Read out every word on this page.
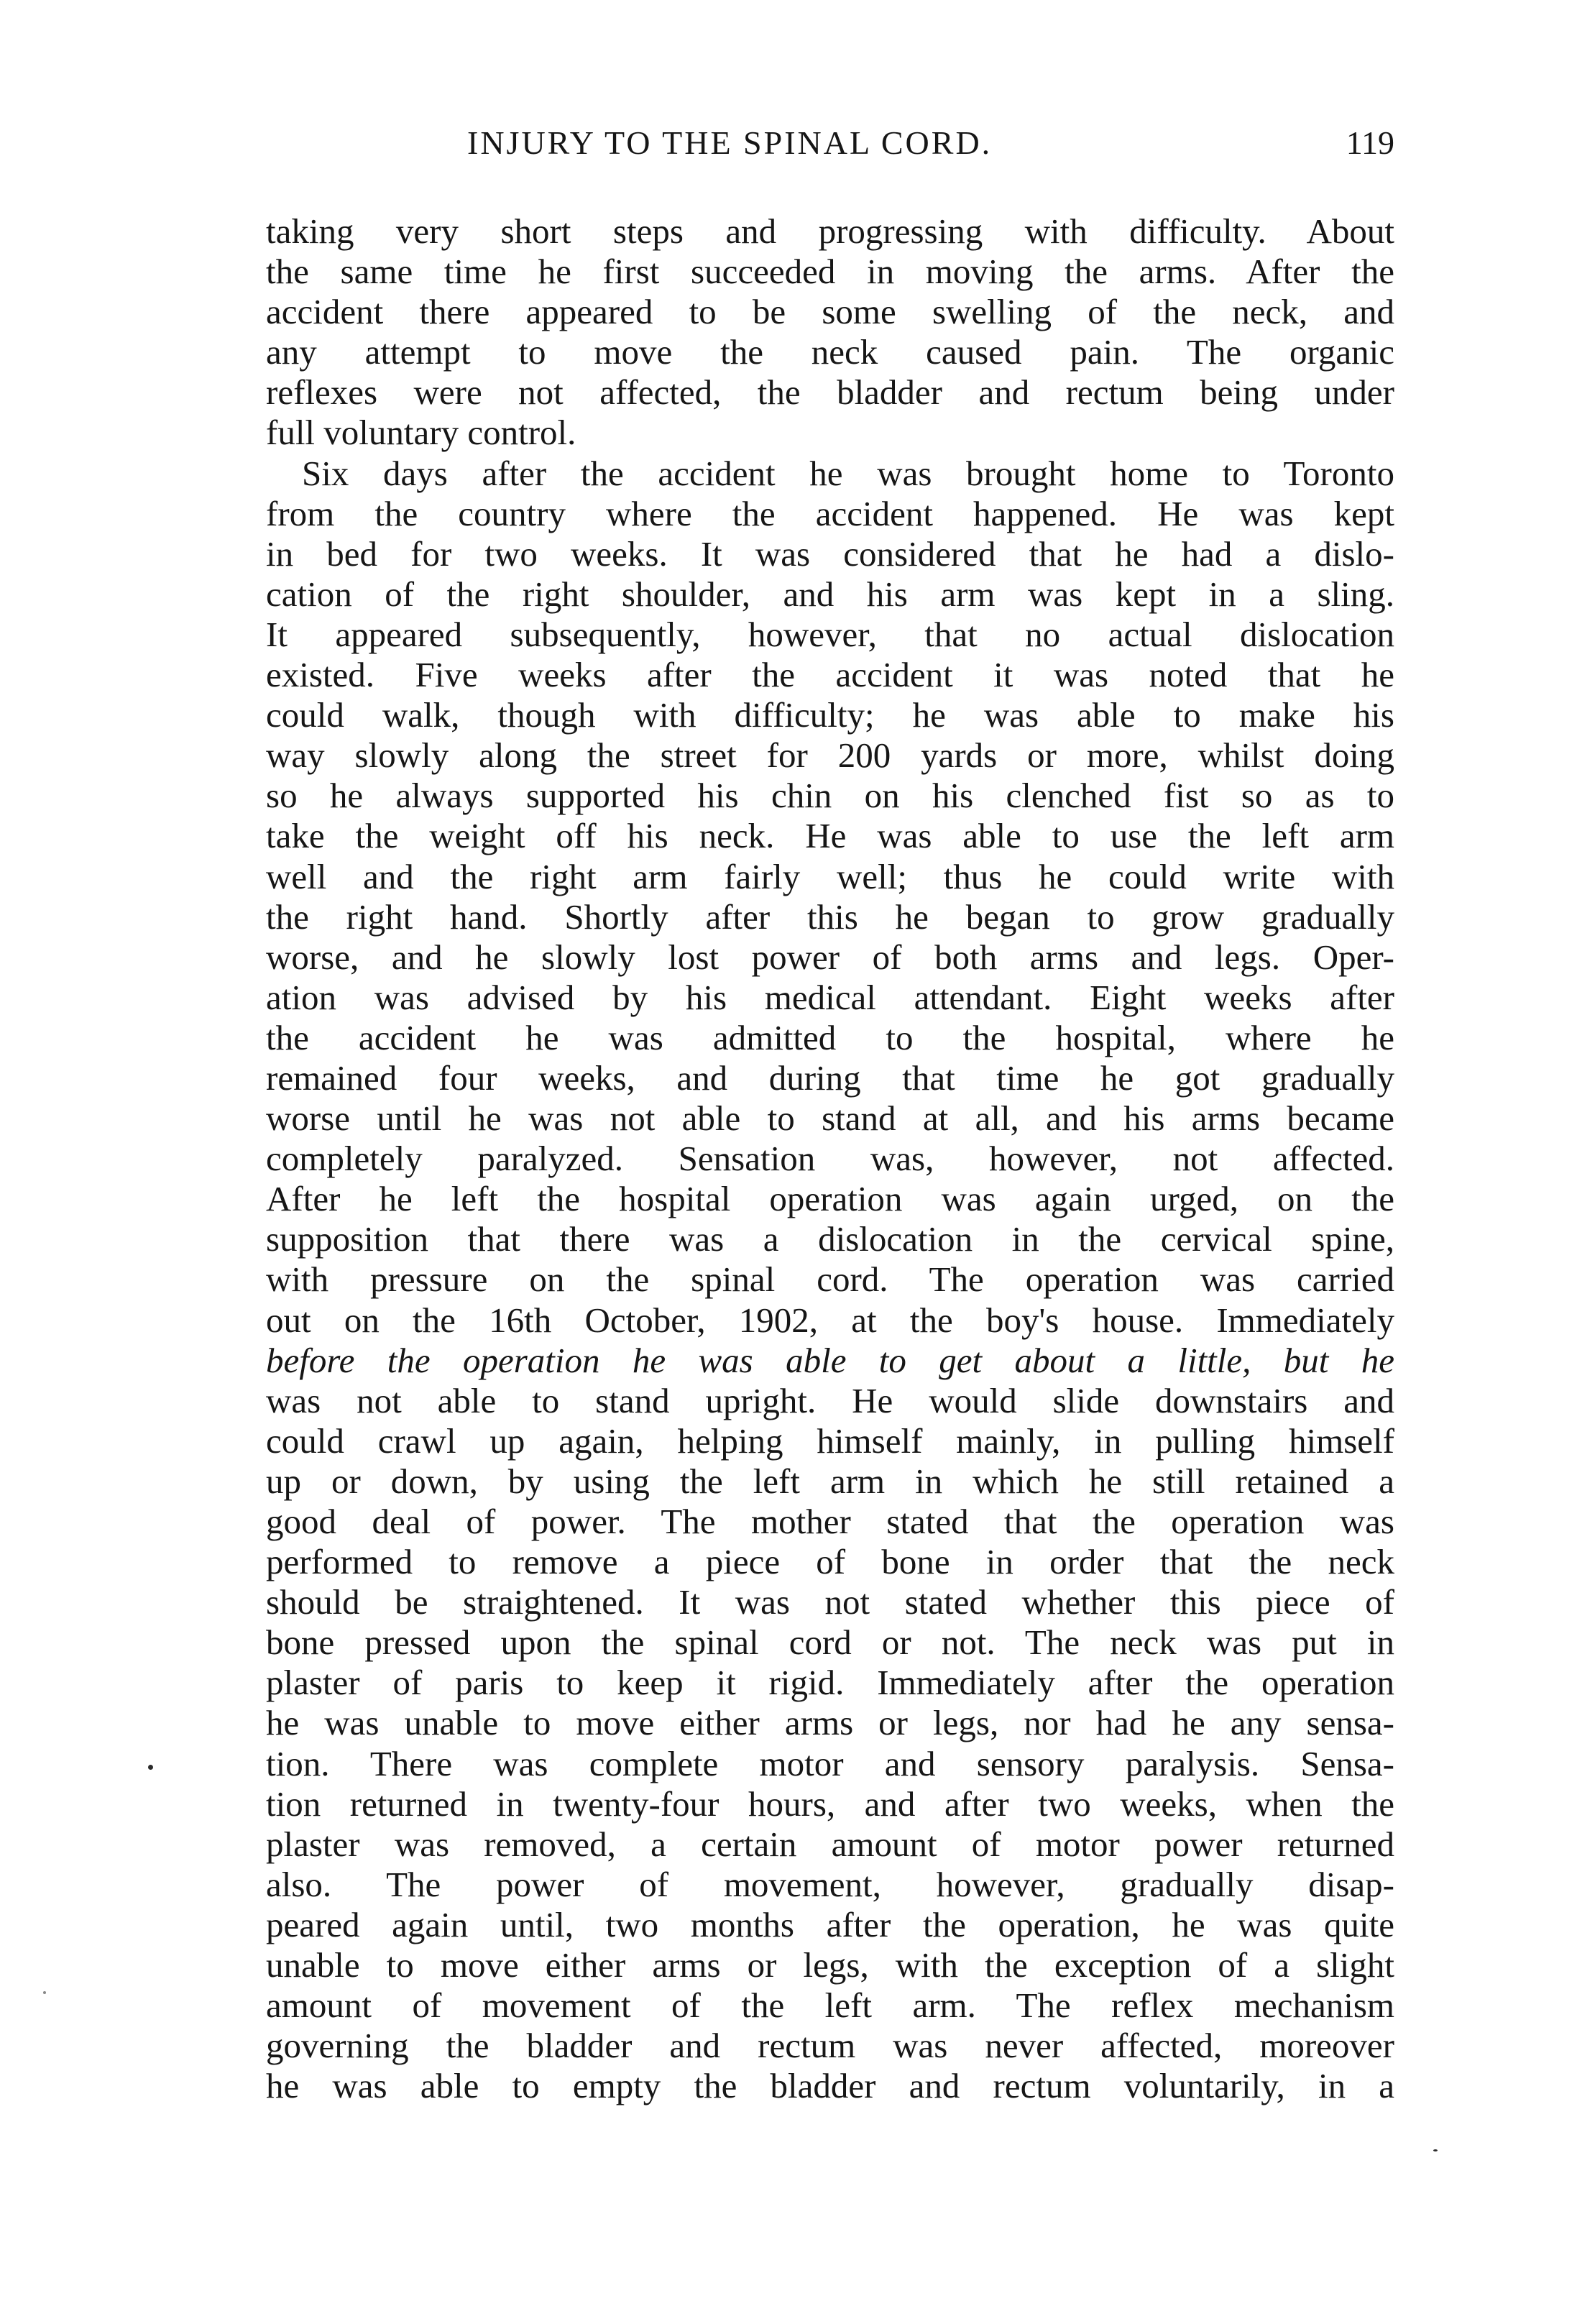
INJURY TO THE SPINAL CORD.	119
taking very short steps and progressing with difficulty. About
the same time he first succeeded in moving the arms. After the
accident there appeared to be some swelling of the neck, and
any attempt to move the neck caused pain. The organic
reflexes were not affected, the bladder and rectum being under
full voluntary control.
Six days after the accident he was brought home to Toronto
from the country where the accident happened. He was kept
in bed for two weeks. It was considered that he had a dislo-
cation of the right shoulder, and his arm was kept in a sling.
It appeared subsequently, however, that no actual dislocation
existed. Five weeks after the accident it was noted that he
could walk, though with difficulty; he was able to make his
way slowly along the street for 200 yards or more, whilst doing
so he always supported his chin on his clenched fist so as to
take the weight off his neck. He was able to use the left arm
well and the right arm fairly well; thus he could write with
the right hand. Shortly after this he began to grow gradually
worse, and he slowly lost power of both arms and legs. Oper-
ation was advised by his medical attendant. Eight weeks after
the accident he was admitted to the hospital, where he
remained four weeks, and during that time he got gradually
worse until he was not able to stand at all, and his arms became
completely paralyzed. Sensation was, however, not affected.
After he left the hospital operation was again urged, on the
supposition that there was a dislocation in the cervical spine,
with pressure on the spinal cord. The operation was carried
out on the 16th October, 1902, at the boy's house. Immediately
before the operation he was able to get about a little, but he
was not able to stand upright. He would slide downstairs and
could crawl up again, helping himself mainly, in pulling himself
up or down, by using the left arm in which he still retained a
good deal of power. The mother stated that the operation was
performed to remove a piece of bone in order that the neck
should be straightened. It was not stated whether this piece of
bone pressed upon the spinal cord or not. The neck was put in
plaster of paris to keep it rigid. Immediately after the operation
he was unable to move either arms or legs, nor had he any sensa-
tion. There was complete motor and sensory paralysis. Sensa-
tion returned in twenty-four hours, and after two weeks, when the
plaster was removed, a certain amount of motor power returned
also. The power of movement, however, gradually disap-
peared again until, two months after the operation, he was quite
unable to move either arms or legs, with the exception of a slight
amount of movement of the left arm. The reflex mechanism
governing the bladder and rectum was never affected, moreover
he was able to empty the bladder and rectum voluntarily, in a
